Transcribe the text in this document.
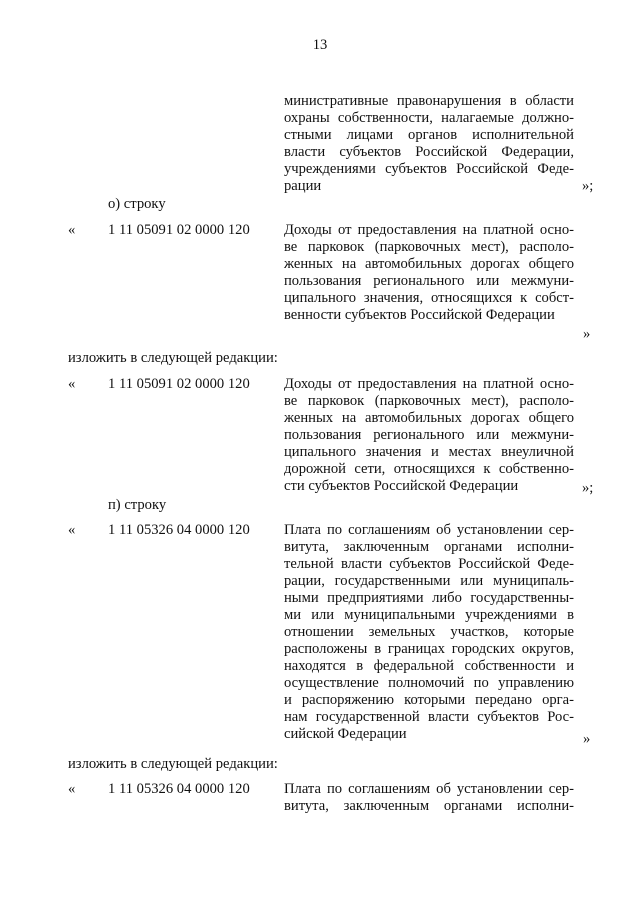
13
министративные правонарушения в области
охраны собственности, налагаемые должно-
стными лицами органов исполнительной
власти субъектов Российской Федерации,
учреждениями субъектов Российской Феде-
рации	»;
о) строку
« 1 11 05091 02 0000 120 Доходы от предоставления на платной осно-
ве парковок (парковочных мест), располо-
женных на автомобильных дорогах общего
пользования регионального или межмуни-
ципального значения, относящихся к собст-
венности субъектов Российской Федерации
»
изложить в следующей редакции:
« 1 11 05091 02 0000 120 Доходы от предоставления на платной осно-
ве парковок (парковочных мест), располо-
женных на автомобильных дорогах общего
пользования регионального или межмуни-
ципального значения и местах внеуличной
дорожной сети, относящихся к собственно-
сти субъектов Российской Федерации	»;
п) строку
« 1 11 05326 04 0000 120 Плата по соглашениям об установлении сер-
витута, заключенным органами исполни-
тельной власти субъектов Российской Феде-
рации, государственными или муниципаль-
ными предприятиями либо государственны-
ми или муниципальными учреждениями в
отношении земельных участков, которые
расположены в границах городских округов,
находятся в федеральной собственности и
осуществление полномочий по управлению
и распоряжению которыми передано орга-
нам государственной власти субъектов Рос-
сийской Федерации	»
изложить в следующей редакции:
« 1 11 05326 04 0000 120 Плата по соглашениям об установлении сер-
витута, заключенным органами исполни-
